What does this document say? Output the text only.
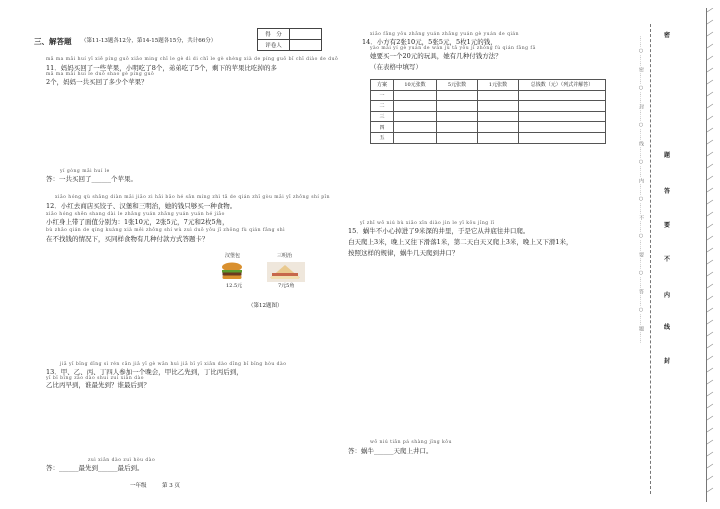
三、解答题 （第11-13题各12分，第14-15题各15分，共计66分）
得　分	
评卷人	
mā ma mǎi huí yī xiē píng guǒ xiǎo ming chī le gè dì di chī le gè shèng xià de píng guǒ bǐ chī diào de duō
11．妈妈买回了一些苹果，小明吃了8个，弟弟吃了5个，剩下的苹果比吃掉的多
mā ma mǎi huí le duō shao gè píng guǒ
2个，妈妈一共买回了多少个苹果？
yí gòng mǎi huí le
答：一共买回了______个苹果。
xiǎo hóng qù shāng diàn mǎi jiǎo zi hǎi bǎo hé sān míng zhì tā de qián zhǐ gòu mǎi yī zhǒng shí pǐn
12．小红去商店买饺子、汉堡和三明治，她的钱只够买一种食物。
xiǎo hóng shēn shang dài le zhāng yuán zhāng yuán yuán hé jiǎo
小红身上带了面值分别为：1张10元，2张5元，7元和2枚5角，
bù zhǎo qián de qíng kuàng xià měi zhǒng shí wù zuì duō yǒu jǐ zhǒng fù qián fāng shì
在不找钱的情况下，买同样食物有几种付款方式答题卡？
汉堡包
12.5元
三明治
7元5角
（第12题图）
jiǎ yǐ bǐng dīng sì rén cān jiā yī gè wǎn huì jiǎ bǐ yǐ xiān dào dīng bǐ bǐng hòu dào
13．甲、乙、丙、丁四人参加一个晚会，甲比乙先到，丁比丙后到，
yǐ bǐ bǐng zǎo dào shuí zuì xiān dào
乙比丙早到，谁最先到？谁最后到？
zuì xiān dào zuì hòu dào
答：______最先到______最后到。
一年级	第 3 页
xiǎo fāng yǒu zhāng yuán zhāng yuán gè yuán de qián
14．小方有2张10元，5张5元，5枚1元的钱，
yào mǎi yí gè yuán de wán jù tā yǒu jǐ zhǒng fù qián fāng fǎ
她要买一个20元的玩具，她有几种付钱方法？
（在表格中填写）
方案	10元张数	5元张数	1元张数	总钱数（元）（列式并解答）
一				
二				
三				
四				
五				
yī zhī wō niú bù xiǎo xīn diào jìn le yī kǒu jǐng lǐ
15．蜗牛不小心掉进了9米深的井里，于是它从井底往井口爬。
白天爬上3米，晚上又往下滑落1米，第二天白天又爬上3米，晚上又下滑1米，
按照这样的规律，蜗牛几天爬到井口？
wō niú tiān pá shàng jǐng kǒu
答：蜗牛______天爬上井口。
……○……密……○……封……○……线……○……内……○……不……○……要……○……答……○……题……
密
封
线
内
不
要
答
题
